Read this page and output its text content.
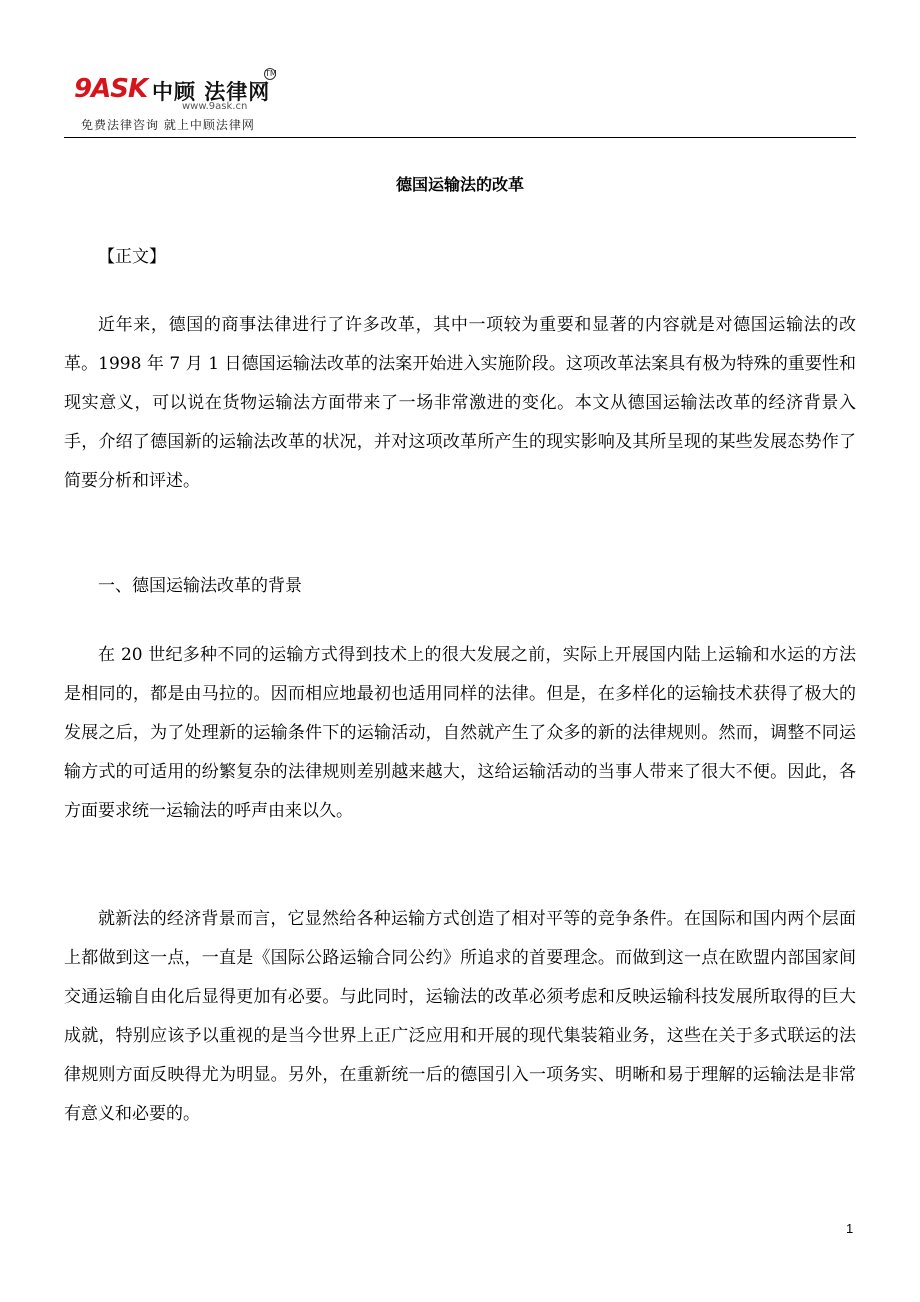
9ASK 中顾 法律网
TM
www.9ask.cn
免费法律咨询 就上中顾法律网
德国运输法的改革
【正文】

近年来，德国的商事法律进行了许多改革，其中一项较为重要和显著的内容就是对德国运输法的改革。1998 年 7 月 1 日德国运输法改革的法案开始进入实施阶段。这项改革法案具有极为特殊的重要性和现实意义，可以说在货物运输法方面带来了一场非常激进的变化。本文从德国运输法改革的经济背景入手，介绍了德国新的运输法改革的状况，并对这项改革所产生的现实影响及其所呈现的某些发展态势作了简要分析和评述。

一、德国运输法改革的背景

在 20 世纪多种不同的运输方式得到技术上的很大发展之前，实际上开展国内陆上运输和水运的方法是相同的，都是由马拉的。因而相应地最初也适用同样的法律。但是，在多样化的运输技术获得了极大的发展之后，为了处理新的运输条件下的运输活动，自然就产生了众多的新的法律规则。然而，调整不同运输方式的可适用的纷繁复杂的法律规则差别越来越大，这给运输活动的当事人带来了很大不便。因此，各方面要求统一运输法的呼声由来以久。

就新法的经济背景而言，它显然给各种运输方式创造了相对平等的竞争条件。在国际和国内两个层面上都做到这一点，一直是《国际公路运输合同公约》所追求的首要理念。而做到这一点在欧盟内部国家间交通运输自由化后显得更加有必要。与此同时，运输法的改革必须考虑和反映运输科技发展所取得的巨大成就，特别应该予以重视的是当今世界上正广泛应用和开展的现代集装箱业务，这些在关于多式联运的法律规则方面反映得尤为明显。另外，在重新统一后的德国引入一项务实、明晰和易于理解的运输法是非常有意义和必要的。

1
